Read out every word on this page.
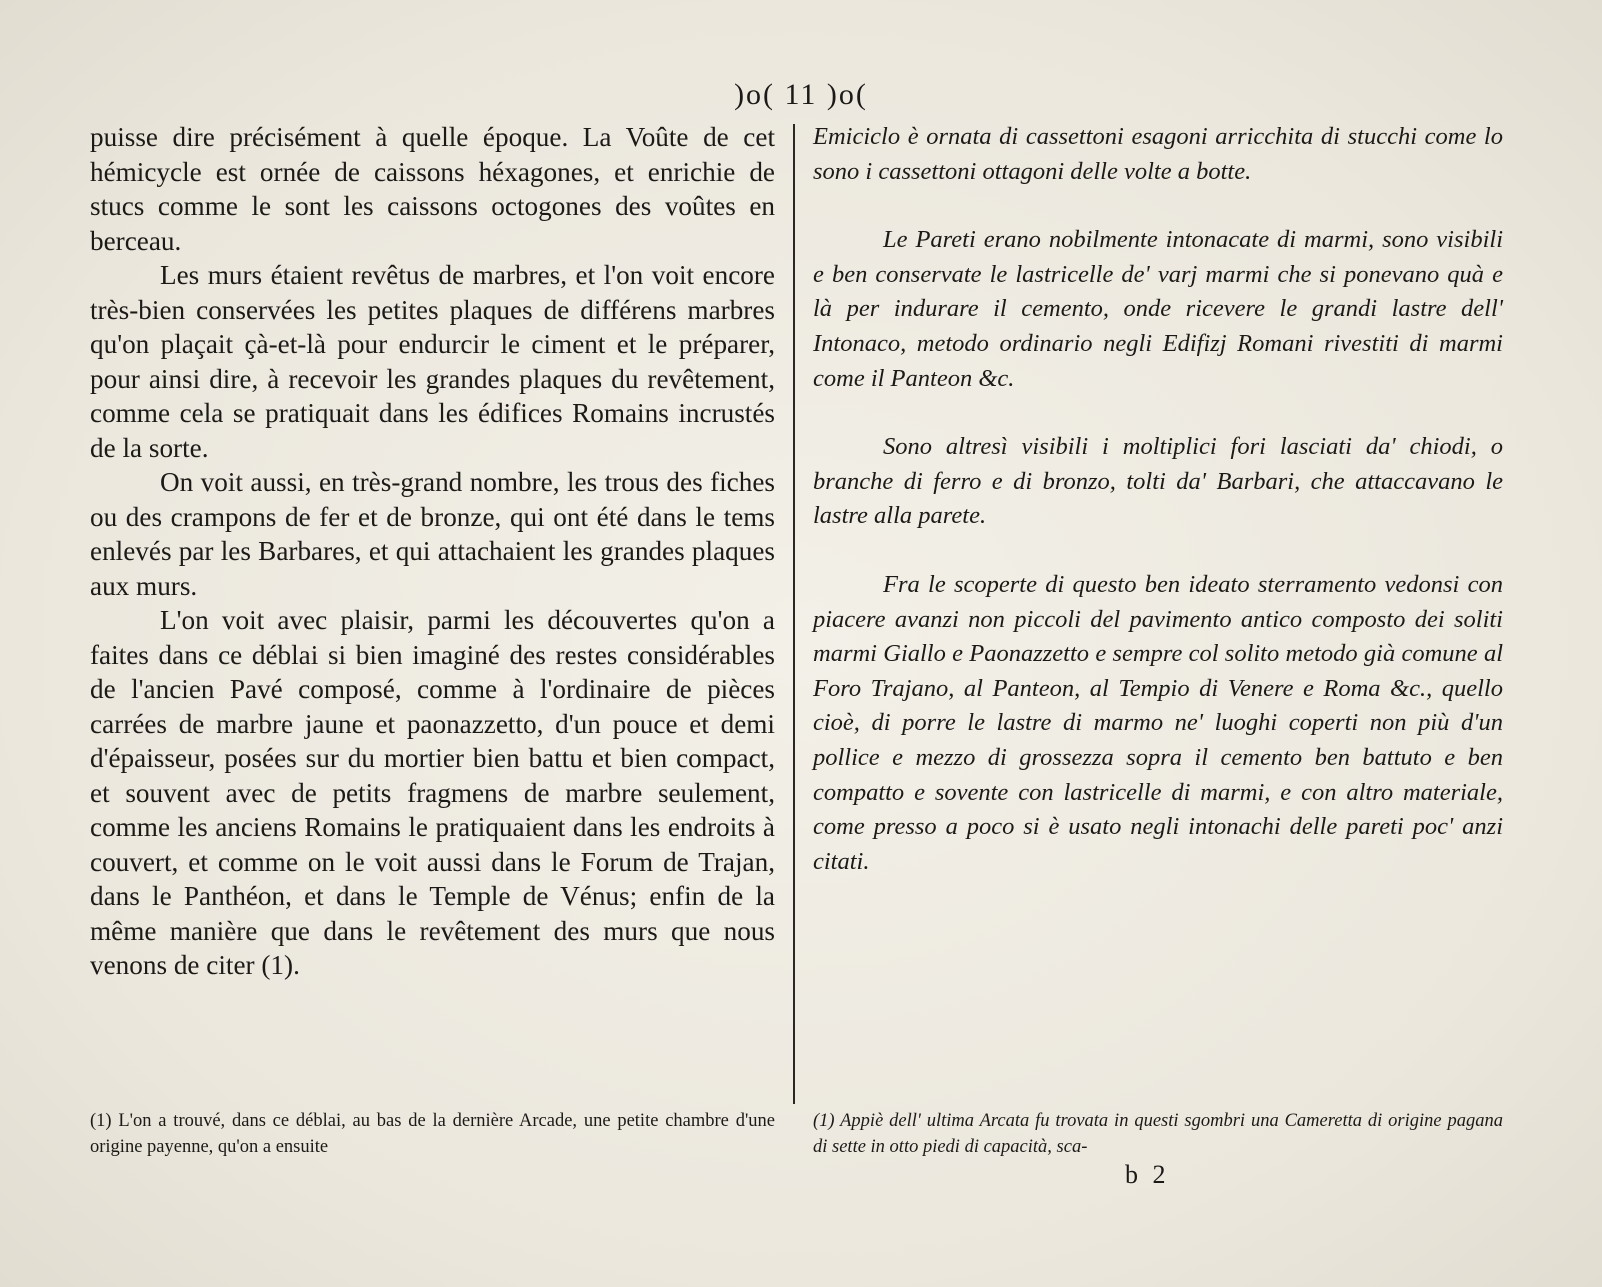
)o( 11 )o(

puisse dire précisément à quelle époque. La Voûte de cet hémicycle est ornée de caissons héxagones, et enrichie de stucs comme le sont les caissons octogones des voûtes en berceau.

Les murs étaient revêtus de marbres, et l'on voit encore très-bien conservées les petites plaques de différens marbres qu'on plaçait çà-et-là pour endurcir le ciment et le préparer, pour ainsi dire, à recevoir les grandes plaques du revêtement, comme cela se pratiquait dans les édifices Romains incrustés de la sorte.

On voit aussi, en très-grand nombre, les trous des fiches ou des crampons de fer et de bronze, qui ont été dans le tems enlevés par les Barbares, et qui attachaient les grandes plaques aux murs.

L'on voit avec plaisir, parmi les découvertes qu'on a faites dans ce déblai si bien imaginé des restes considérables de l'ancien Pavé composé, comme à l'ordinaire de pièces carrées de marbre jaune et paonazzetto, d'un pouce et demi d'épaisseur, posées sur du mortier bien battu et bien compact, et souvent avec de petits fragmens de marbre seulement, comme les anciens Romains le pratiquaient dans les endroits à couvert, et comme on le voit aussi dans le Forum de Trajan, dans le Panthéon, et dans le Temple de Vénus; enfin de la même manière que dans le revêtement des murs que nous venons de citer (1).

Emiciclo è ornata di cassettoni esagoni arricchita di stucchi come lo sono i cassettoni ottagoni delle volte a botte.

Le Pareti erano nobilmente intonacate di marmi, sono visibili e ben conservate le lastricelle de' varj marmi che si ponevano quà e là per indurare il cemento, onde ricevere le grandi lastre dell' Intonaco, metodo ordinario negli Edifizj Romani rivestiti di marmi come il Panteon &c.

Sono altresì visibili i moltiplici fori lasciati da' chiodi, o branche di ferro e di bronzo, tolti da' Barbari, che attaccavano le lastre alla parete.

Fra le scoperte di questo ben ideato sterramento vedonsi con piacere avanzi non piccoli del pavimento antico composto dei soliti marmi Giallo e Paonazzetto e sempre col solito metodo già comune al Foro Trajano, al Panteon, al Tempio di Venere e Roma &c., quello cioè, di porre le lastre di marmo ne' luoghi coperti non più d'un pollice e mezzo di grossezza sopra il cemento ben battuto e ben compatto e sovente con lastricelle di marmi, e con altro materiale, come presso a poco si è usato negli intonachi delle pareti poc' anzi citati.

(1) L'on a trouvé, dans ce déblai, au bas de la dernière Arcade, une petite chambre d'une origine payenne, qu'on a ensuite
(1) Appiè dell' ultima Arcata fu trovata in questi sgombri una Cameretta di origine pagana di sette in otto piedi di capacità, sca-
b 2
